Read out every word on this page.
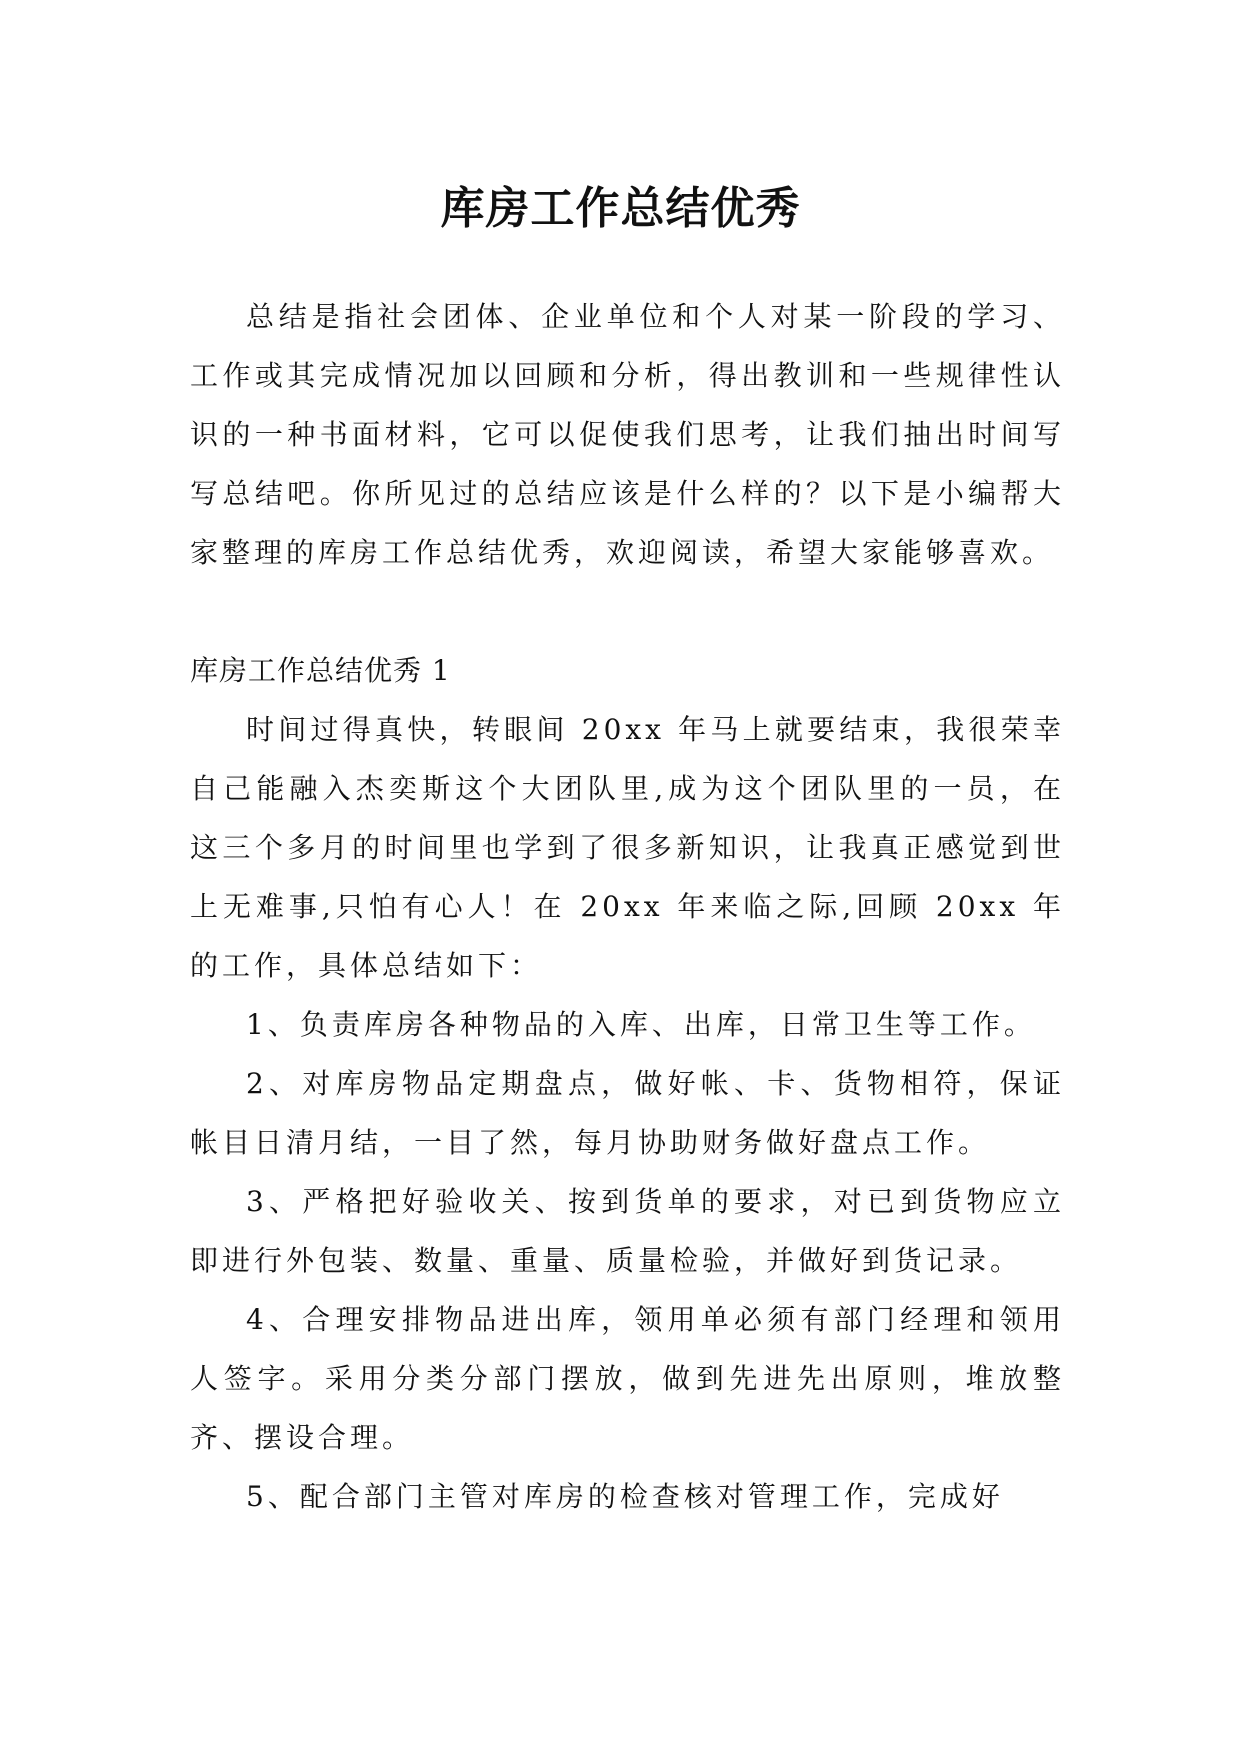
库房工作总结优秀

总结是指社会团体、企业单位和个人对某一阶段的学习、工作或其完成情况加以回顾和分析，得出教训和一些规律性认识的一种书面材料，它可以促使我们思考，让我们抽出时间写写总结吧。你所见过的总结应该是什么样的？以下是小编帮大家整理的库房工作总结优秀，欢迎阅读，希望大家能够喜欢。

库房工作总结优秀 1

时间过得真快，转眼间 20xx 年马上就要结束，我很荣幸自己能融入杰奕斯这个大团队里,成为这个团队里的一员，在这三个多月的时间里也学到了很多新知识，让我真正感觉到世上无难事,只怕有心人！在 20xx 年来临之际,回顾 20xx 年的工作，具体总结如下：

1、负责库房各种物品的入库、出库，日常卫生等工作。

2、对库房物品定期盘点，做好帐、卡、货物相符，保证帐目日清月结，一目了然，每月协助财务做好盘点工作。

3、严格把好验收关、按到货单的要求，对已到货物应立即进行外包装、数量、重量、质量检验，并做好到货记录。

4、合理安排物品进出库，领用单必须有部门经理和领用人签字。采用分类分部门摆放，做到先进先出原则，堆放整齐、摆设合理。

5、配合部门主管对库房的检查核对管理工作，完成好
